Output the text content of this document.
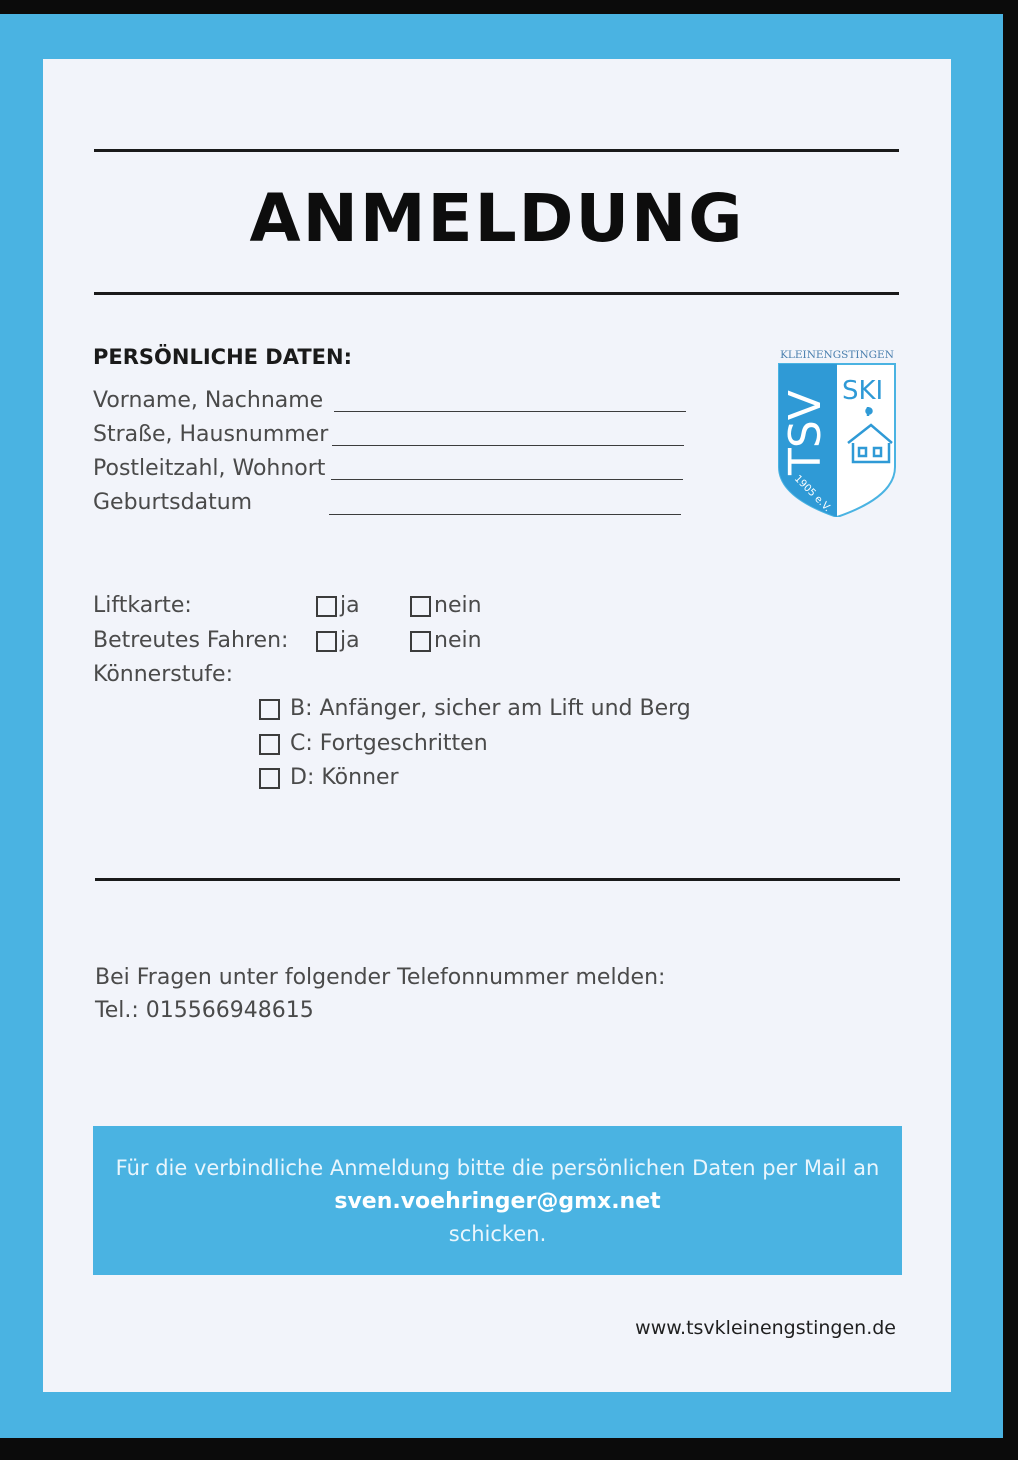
ANMELDUNG
PERSÖNLICHE DATEN:
Vorname, Nachname
Straße, Hausnummer
Postleitzahl, Wohnort
Geburtsdatum
KLEINENGSTINGEN
TSV SKI
1905 e.V.
Liftkarte:	ja	nein
Betreutes Fahren: ja	nein
Könnerstufe:
B: Anfänger, sicher am Lift und Berg
C: Fortgeschritten
D: Könner
Bei Fragen unter folgender Telefonnummer melden:
Tel.: 015566948615
Für die verbindliche Anmeldung bitte die persönlichen Daten per Mail an
sven.voehringer@gmx.net
schicken.
www.tsvkleinengstingen.de
